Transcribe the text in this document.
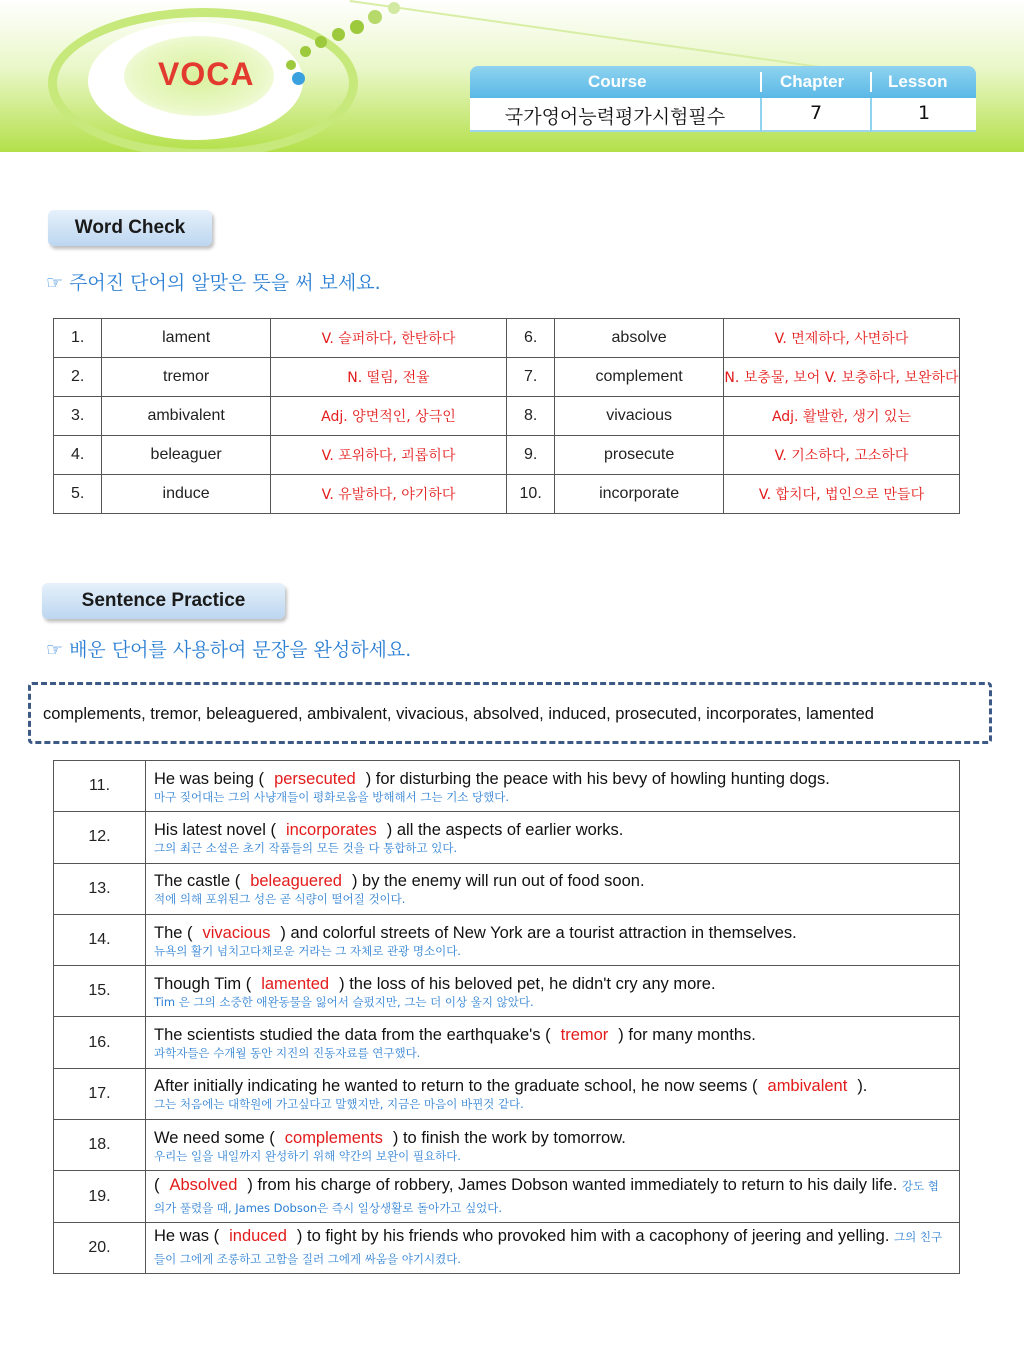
VOCA	Course	Chapter	Lesson
국가영어능력평가시험필수	7	1
Word Check
☞ 주어진 단어의 알맞은 뜻을 써 보세요.
1.	lament	V. 슬퍼하다, 한탄하다	6.	absolve	V. 면제하다, 사면하다
2.	tremor	N. 떨림, 전율	7.	complement	N. 보충물, 보어 V. 보충하다, 보완하다
3.	ambivalent	Adj. 양면적인, 상극인	8.	vivacious	Adj. 활발한, 생기 있는
4.	beleaguer	V. 포위하다, 괴롭히다	9.	prosecute	V. 기소하다, 고소하다
5.	induce	V. 유발하다, 야기하다	10.	incorporate	V. 합치다, 법인으로 만들다
Sentence Practice
☞ 배운 단어를 사용하여 문장을 완성하세요.
complements, tremor, beleaguered, ambivalent, vivacious, absolved, induced, prosecuted, incorporates, lamented
11.	He was being ( persecuted ) for disturbing the peace with his bevy of howling hunting dogs.
마구 짖어대는 그의 사냥개들이 평화로움을 방해해서 그는 기소 당했다.

12.	His latest novel ( incorporates ) all the aspects of earlier works.
그의 최근 소설은 초기 작품들의 모든 것을 다 통합하고 있다.

13.	The castle ( beleaguered ) by the enemy will run out of food soon.
적에 의해 포위된그 성은 곧 식량이 떨어질 것이다.

14.	The ( vivacious ) and colorful streets of New York are a tourist attraction in themselves.
뉴욕의 활기 넘치고다채로운 거라는 그 자체로 관광 명소이다.

15.	Though Tim ( lamented ) the loss of his beloved pet, he didn't cry any more.
Tim 은 그의 소중한 애완동물을 잃어서 슬펐지만, 그는 더 이상 울지 않았다.

16.	The scientists studied the data from the earthquake's ( tremor ) for many months.
과학자들은 수개월 동안 지진의 진동자료를 연구했다.

17.	After initially indicating he wanted to return to the graduate school, he now seems ( ambivalent ).
그는 처음에는 대학원에 가고싶다고 말했지만, 지금은 마음이 바뀐것 같다.

18.	We need some ( complements ) to finish the work by tomorrow.
우리는 일을 내일까지 완성하기 위해 약간의 보완이 필요하다.

19.	( Absolved ) from his charge of robbery, James Dobson wanted immediately to return to his daily life. 강도 혐의가 풀렸을 때, James Dobson은 즉시 일상생활로 돌아가고 싶었다.
20.	He was ( induced ) to fight by his friends who provoked him with a cacophony of jeering and yelling. 그의 친구들이 그에게 조롱하고 고함을 질러 그에게 싸움을 야기시켰다.
